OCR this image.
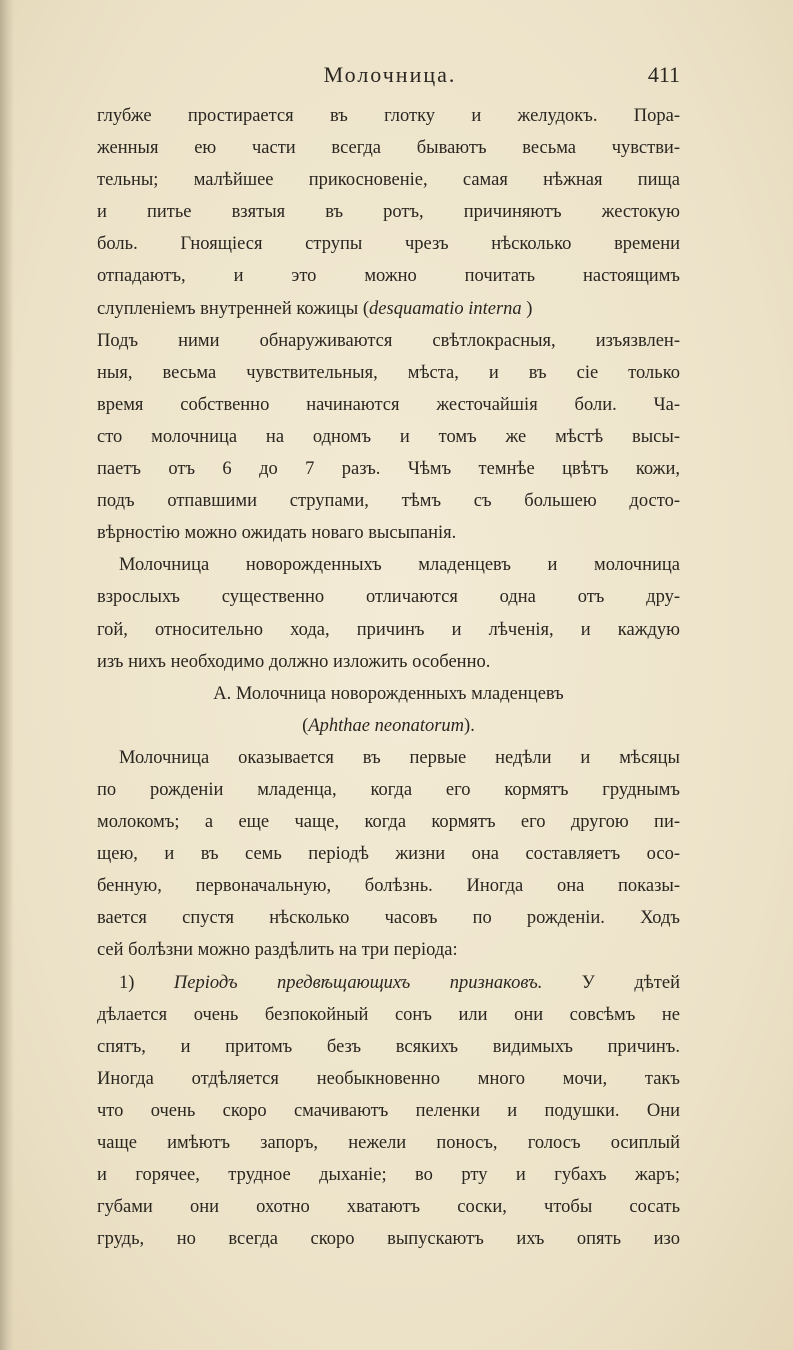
Молочница.	411
глубже простирается въ глотку и желудокъ. Пора-
женныя ею части всегда бываютъ весьма чувстви-
тельны; малѣйшее прикосновеніе, самая нѣжная пища
и питье взятыя въ ротъ, причиняютъ жестокую
боль. Гноящіеся струпы чрезъ нѣсколько времени
отпадаютъ, и это можно почитать настоящимъ
слупленіемъ внутренней кожицы (desquamatio interna )
Подъ ними обнаруживаются свѣтлокрасныя, изъязвлен-
ныя, весьма чувствительныя, мѣста, и въ сіе только
время собственно начинаются жесточайшія боли. Ча-
сто молочница на одномъ и томъ же мѣстѣ высы-
паетъ отъ 6 до 7 разъ. Чѣмъ темнѣе цвѣтъ кожи,
подъ отпавшими струпами, тѣмъ съ большею досто-
вѣрностію можно ожидать новаго высыпанія.
Молочница новорожденныхъ младенцевъ и молочница
взрослыхъ существенно отличаются одна отъ дру-
гой, относительно хода, причинъ и лѣченія, и каждую
изъ нихъ необходимо должно изложить особенно.
А. Молочница новорожденныхъ младенцевъ
(Aphthae neonatorum).
Молочница оказывается въ первые недѣли и мѣсяцы
по рожденіи младенца, когда его кормятъ груднымъ
молокомъ; а еще чаще, когда кормятъ его другою пи-
щею, и въ семь періодѣ жизни она составляетъ осо-
бенную, первоначальную, болѣзнь. Иногда она показы-
вается спустя нѣсколько часовъ по рожденіи. Ходъ
сей болѣзни можно раздѣлить на три періода:
1) Періодъ предвѣщающихъ признаковъ. У дѣтей
дѣлается очень безпокойный сонъ или они совсѣмъ не
спятъ, и притомъ безъ всякихъ видимыхъ причинъ.
Иногда отдѣляется необыкновенно много мочи, такъ
что очень скоро смачиваютъ пеленки и подушки. Они
чаще имѣютъ запоръ, нежели поносъ, голосъ осиплый
и горячее, трудное дыханіе; во рту и губахъ жаръ;
губами они охотно хватаютъ соски, чтобы сосать
грудь, но всегда скоро выпускаютъ ихъ опять изо
